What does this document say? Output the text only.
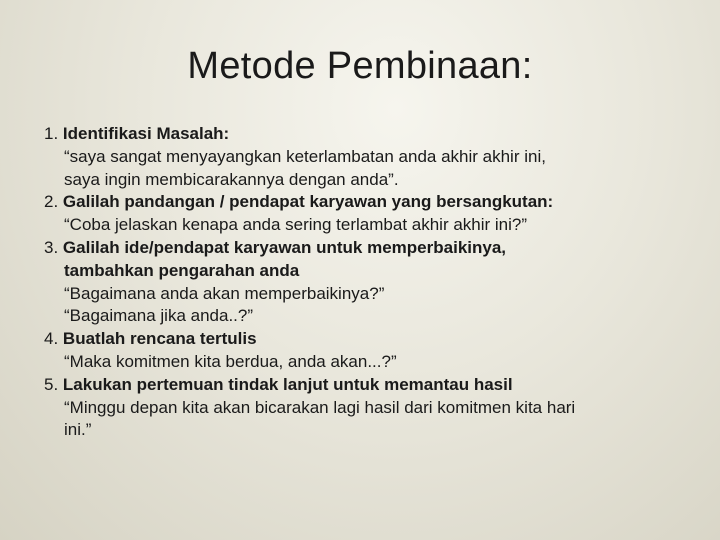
Metode Pembinaan:
1. Identifikasi Masalah:
“saya sangat menyayangkan keterlambatan anda akhir akhir ini,
saya ingin membicarakannya dengan anda”.
2. Galilah pandangan / pendapat karyawan yang bersangkutan:
“Coba jelaskan kenapa anda sering terlambat akhir akhir ini?”
3. Galilah ide/pendapat karyawan untuk memperbaikinya,
tambahkan pengarahan anda
“Bagaimana anda akan memperbaikinya?”
“Bagaimana jika anda..?”
4. Buatlah rencana tertulis
“Maka komitmen kita berdua, anda akan...?”
5. Lakukan pertemuan tindak lanjut untuk memantau hasil
“Minggu depan kita akan bicarakan lagi hasil dari komitmen kita hari
ini.”
